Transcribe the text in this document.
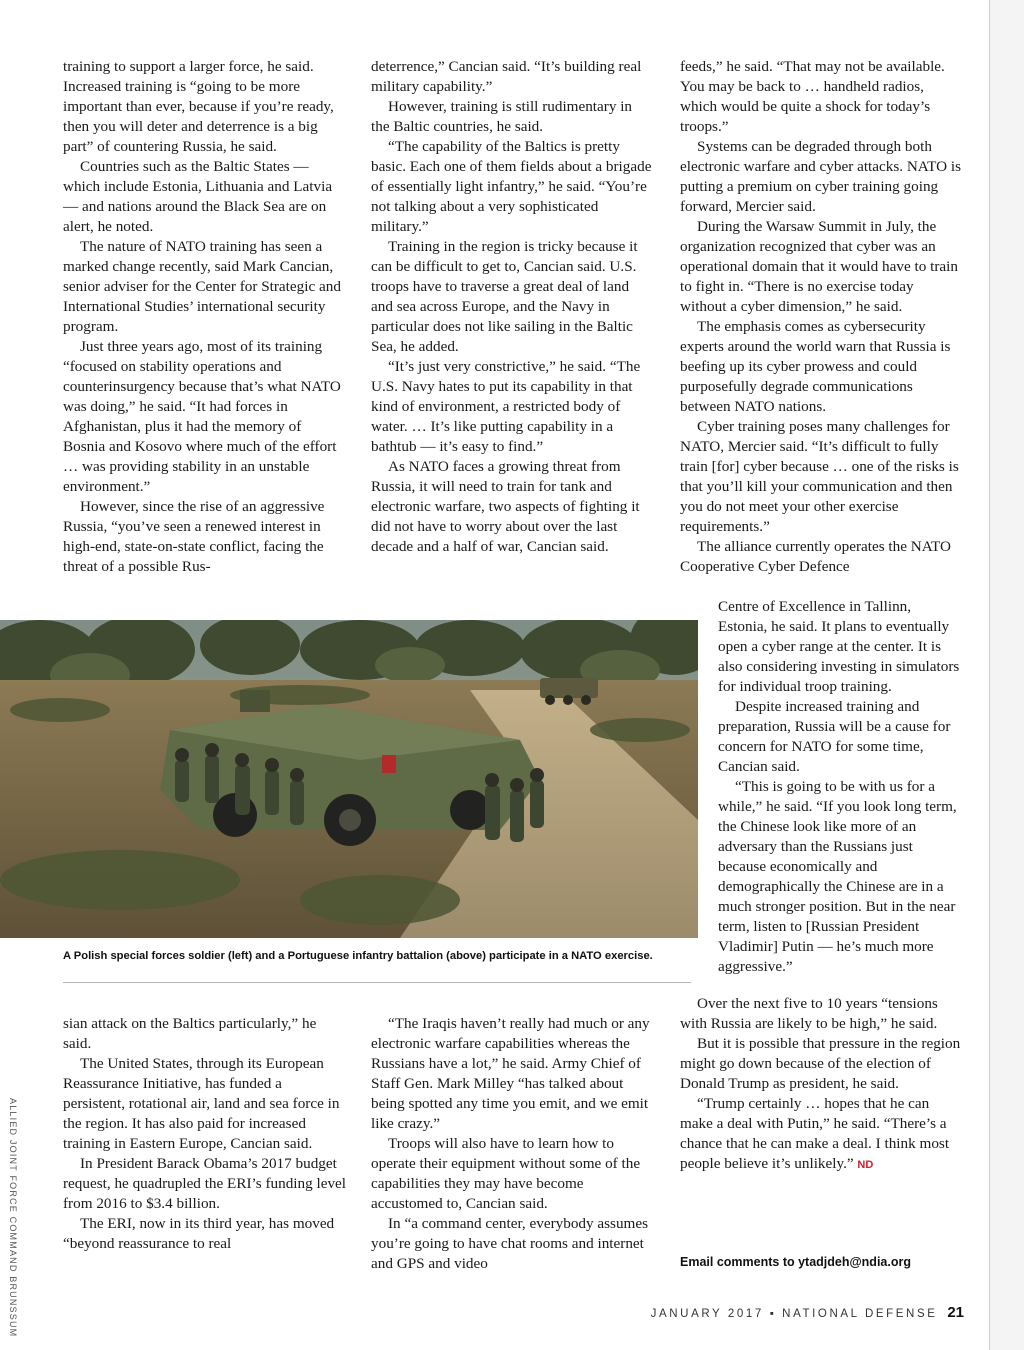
training to support a larger force, he said. Increased training is “going to be more important than ever, because if you’re ready, then you will deter and deterrence is a big part” of countering Russia, he said.

Countries such as the Baltic States — which include Estonia, Lithuania and Latvia — and nations around the Black Sea are on alert, he noted.

The nature of NATO training has seen a marked change recently, said Mark Cancian, senior adviser for the Center for Strategic and International Studies’ international security program.

Just three years ago, most of its training “focused on stability operations and counterinsurgency because that’s what NATO was doing,” he said. “It had forces in Afghanistan, plus it had the memory of Bosnia and Kosovo where much of the effort … was providing stability in an unstable environment.”

However, since the rise of an aggressive Russia, “you’ve seen a renewed interest in high-end, state-on-state conflict, facing the threat of a possible Rus-

deterrence,” Cancian said. “It’s building real military capability.”

However, training is still rudimentary in the Baltic countries, he said.

“The capability of the Baltics is pretty basic. Each one of them fields about a brigade of essentially light infantry,” he said. “You’re not talking about a very sophisticated military.”

Training in the region is tricky because it can be difficult to get to, Cancian said. U.S. troops have to traverse a great deal of land and sea across Europe, and the Navy in particular does not like sailing in the Baltic Sea, he added.

“It’s just very constrictive,” he said. “The U.S. Navy hates to put its capability in that kind of environment, a restricted body of water. … It’s like putting capability in a bathtub — it’s easy to find.”

As NATO faces a growing threat from Russia, it will need to train for tank and electronic warfare, two aspects of fighting it did not have to worry about over the last decade and a half of war, Cancian said.

feeds,” he said. “That may not be available. You may be back to … handheld radios, which would be quite a shock for today’s troops.”

Systems can be degraded through both electronic warfare and cyber attacks. NATO is putting a premium on cyber training going forward, Mercier said.

During the Warsaw Summit in July, the organization recognized that cyber was an operational domain that it would have to train to fight in. “There is no exercise today without a cyber dimension,” he said.

The emphasis comes as cybersecurity experts around the world warn that Russia is beefing up its cyber prowess and could purposefully degrade communications between NATO nations.

Cyber training poses many challenges for NATO, Mercier said. “It’s difficult to fully train [for] cyber because … one of the risks is that you’ll kill your communication and then you do not meet your other exercise requirements.”

The alliance currently operates the NATO Cooperative Cyber Defence

A Polish special forces soldier (left) and a Portuguese infantry battalion (above) participate in a NATO exercise.

Centre of Excellence in Tallinn, Estonia, he said. It plans to eventually open a cyber range at the center. It is also considering investing in simulators for individual troop training.

Despite increased training and preparation, Russia will be a cause for concern for NATO for some time, Cancian said.

“This is going to be with us for a while,” he said. “If you look long term, the Chinese look like more of an adversary than the Russians just because economically and demographically the Chinese are in a much stronger position. But in the near term, listen to [Russian President Vladimir] Putin — he’s much more aggressive.”

ALLIED JOINT FORCE COMMAND BRUNSSUM

sian attack on the Baltics particularly,” he said.

The United States, through its European Reassurance Initiative, has funded a persistent, rotational air, land and sea force in the region. It has also paid for increased training in Eastern Europe, Cancian said.

In President Barack Obama’s 2017 budget request, he quadrupled the ERI’s funding level from 2016 to $3.4 billion.

The ERI, now in its third year, has moved “beyond reassurance to real

“The Iraqis haven’t really had much or any electronic warfare capabilities whereas the Russians have a lot,” he said. Army Chief of Staff Gen. Mark Milley “has talked about being spotted any time you emit, and we emit like crazy.”

Troops will also have to learn how to operate their equipment without some of the capabilities they may have become accustomed to, Cancian said.

In “a command center, everybody assumes you’re going to have chat rooms and internet and GPS and video

Over the next five to 10 years “tensions with Russia are likely to be high,” he said.

But it is possible that pressure in the region might go down because of the election of Donald Trump as president, he said.

“Trump certainly … hopes that he can make a deal with Putin,” he said. “There’s a chance that he can make a deal. I think most people believe it’s unlikely.” ND

Email comments to ytadjdeh@ndia.org
JANUARY 2017 ▪ NATIONAL DEFENSE 21
